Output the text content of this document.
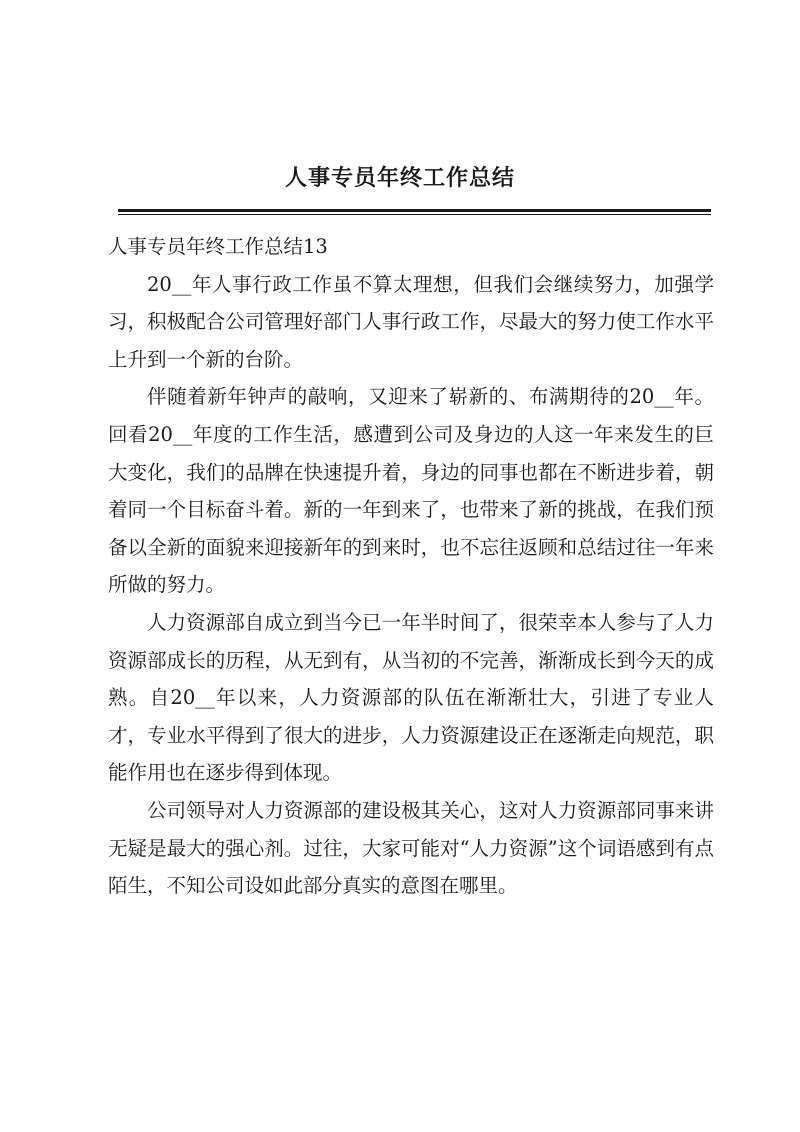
人事专员年终工作总结

人事专员年终工作总结13

20__年人事行政工作虽不算太理想，但我们会继续努力，加强学习，积极配合公司管理好部门人事行政工作，尽最大的努力使工作水平上升到一个新的台阶。

伴随着新年钟声的敲响，又迎来了崭新的、布满期待的20__年。回看20__年度的工作生活，感遭到公司及身边的人这一年来发生的巨大变化，我们的品牌在快速提升着，身边的同事也都在不断进步着，朝着同一个目标奋斗着。新的一年到来了，也带来了新的挑战，在我们预备以全新的面貌来迎接新年的到来时，也不忘往返顾和总结过往一年来所做的努力。

人力资源部自成立到当今已一年半时间了，很荣幸本人参与了人力资源部成长的历程，从无到有，从当初的不完善，渐渐成长到今天的成熟。自20__年以来，人力资源部的队伍在渐渐壮大，引进了专业人才，专业水平得到了很大的进步，人力资源建设正在逐渐走向规范，职能作用也在逐步得到体现。

公司领导对人力资源部的建设极其关心，这对人力资源部同事来讲无疑是最大的强心剂。过往，大家可能对“人力资源”这个词语感到有点陌生，不知公司设如此部分真实的意图在哪里。
